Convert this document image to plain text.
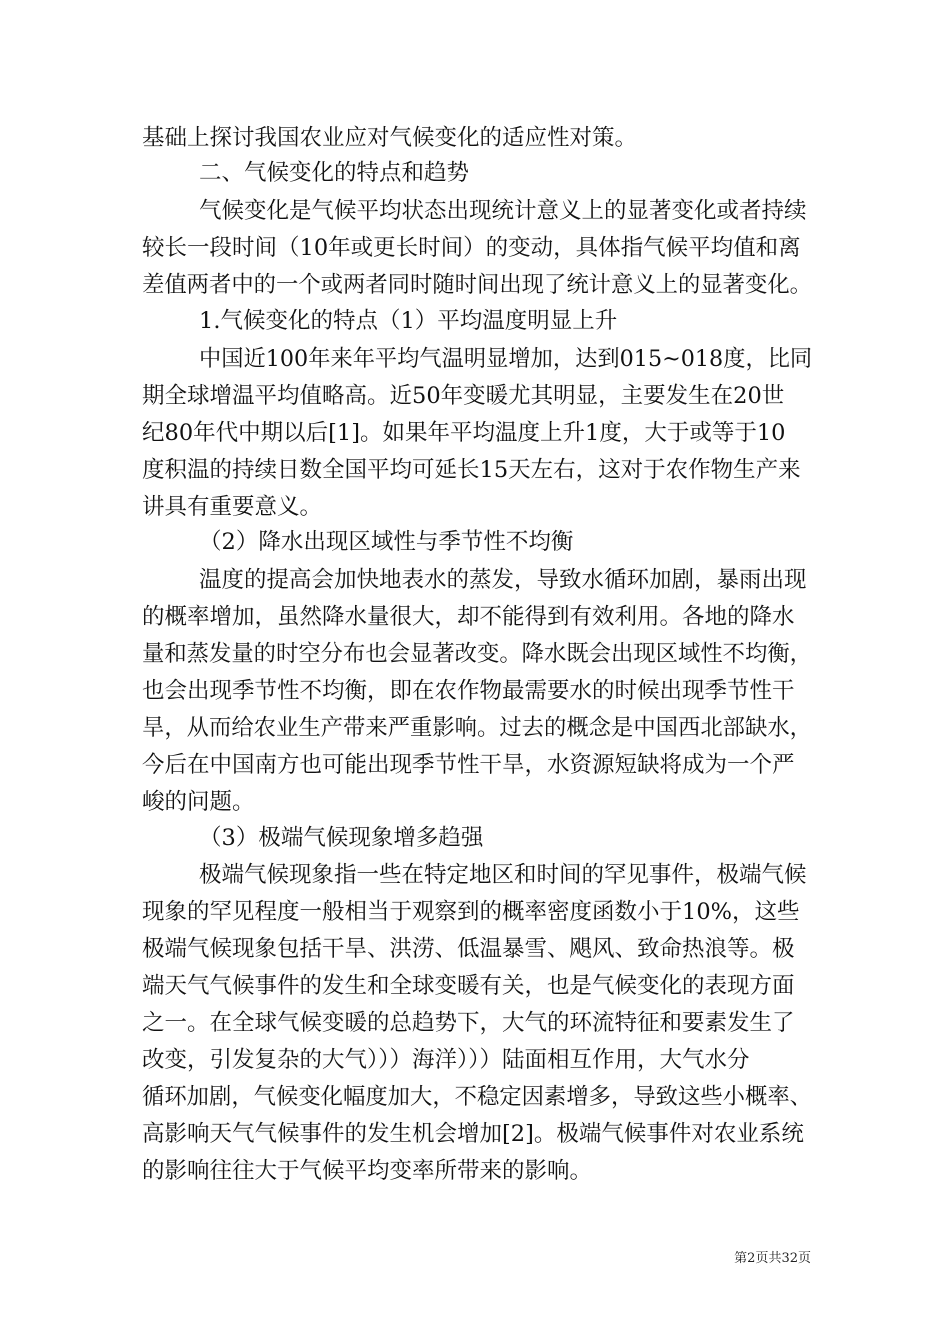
基础上探讨我国农业应对气候变化的适应性对策。
二、气候变化的特点和趋势
气候变化是气候平均状态出现统计意义上的显著变化或者持续
较长一段时间（10年或更长时间）的变动，具体指气候平均值和离
差值两者中的一个或两者同时随时间出现了统计意义上的显著变化。
1.气候变化的特点（1）平均温度明显上升
中国近100年来年平均气温明显增加，达到015~018度，比同
期全球增温平均值略高。近50年变暖尤其明显，主要发生在20世
纪80年代中期以后[1]。如果年平均温度上升1度，大于或等于10
度积温的持续日数全国平均可延长15天左右，这对于农作物生产来
讲具有重要意义。
（2）降水出现区域性与季节性不均衡
温度的提高会加快地表水的蒸发，导致水循环加剧，暴雨出现
的概率增加，虽然降水量很大，却不能得到有效利用。各地的降水
量和蒸发量的时空分布也会显著改变。降水既会出现区域性不均衡，
也会出现季节性不均衡，即在农作物最需要水的时候出现季节性干
旱，从而给农业生产带来严重影响。过去的概念是中国西北部缺水，
今后在中国南方也可能出现季节性干旱，水资源短缺将成为一个严
峻的问题。
（3）极端气候现象增多趋强
极端气候现象指一些在特定地区和时间的罕见事件，极端气候
现象的罕见程度一般相当于观察到的概率密度函数小于10%，这些
极端气候现象包括干旱、洪涝、低温暴雪、飓风、致命热浪等。极
端天气气候事件的发生和全球变暖有关，也是气候变化的表现方面
之一。在全球气候变暖的总趋势下，大气的环流特征和要素发生了
改变，引发复杂的大气）））海洋）））陆面相互作用，大气水分
循环加剧，气候变化幅度加大，不稳定因素增多，导致这些小概率、
高影响天气气候事件的发生机会增加[2]。极端气候事件对农业系统
的影响往往大于气候平均变率所带来的影响。
第2页共32页
